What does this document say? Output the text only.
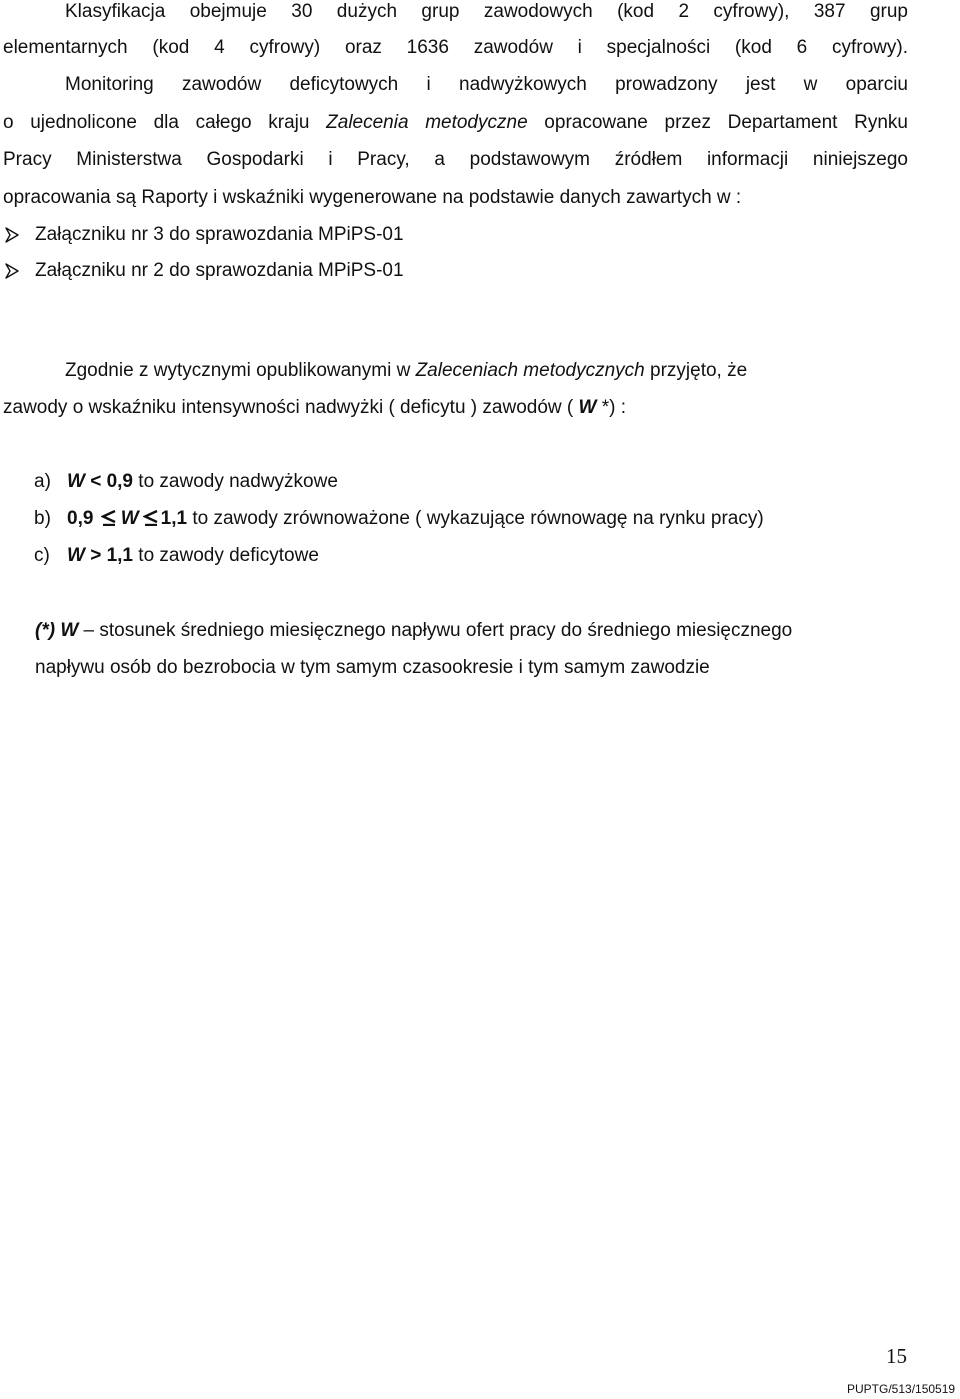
Klasyfikacja obejmuje 30 dużych grup zawodowych (kod 2 cyfrowy), 387 grup
elementarnych (kod 4 cyfrowy) oraz 1636 zawodów i specjalności (kod 6 cyfrowy).
Monitoring zawodów deficytowych i nadwyżkowych prowadzony jest w oparciu
o ujednolicone dla całego kraju Zalecenia metodyczne opracowane przez Departament Rynku
Pracy Ministerstwa Gospodarki i Pracy, a podstawowym źródłem informacji niniejszego
opracowania są Raporty i wskaźniki wygenerowane na podstawie danych zawartych w :
Załączniku nr 3 do sprawozdania MPiPS-01
Załączniku nr 2 do sprawozdania MPiPS-01
Zgodnie z wytycznymi opublikowanymi w Zaleceniach metodycznych przyjęto, że
zawody o wskaźniku intensywności nadwyżki ( deficytu ) zawodów ( W *) :
a) W < 0,9 to zawody nadwyżkowe
b) 0,9 W 1,1 to zawody zrównoważone ( wykazujące równowagę na rynku pracy)
c) W > 1,1 to zawody deficytowe
(*) W – stosunek średniego miesięcznego napływu ofert pracy do średniego miesięcznego
napływu osób do bezrobocia w tym samym czasookresie i tym samym zawodzie
15
PUPTG/513/150519
